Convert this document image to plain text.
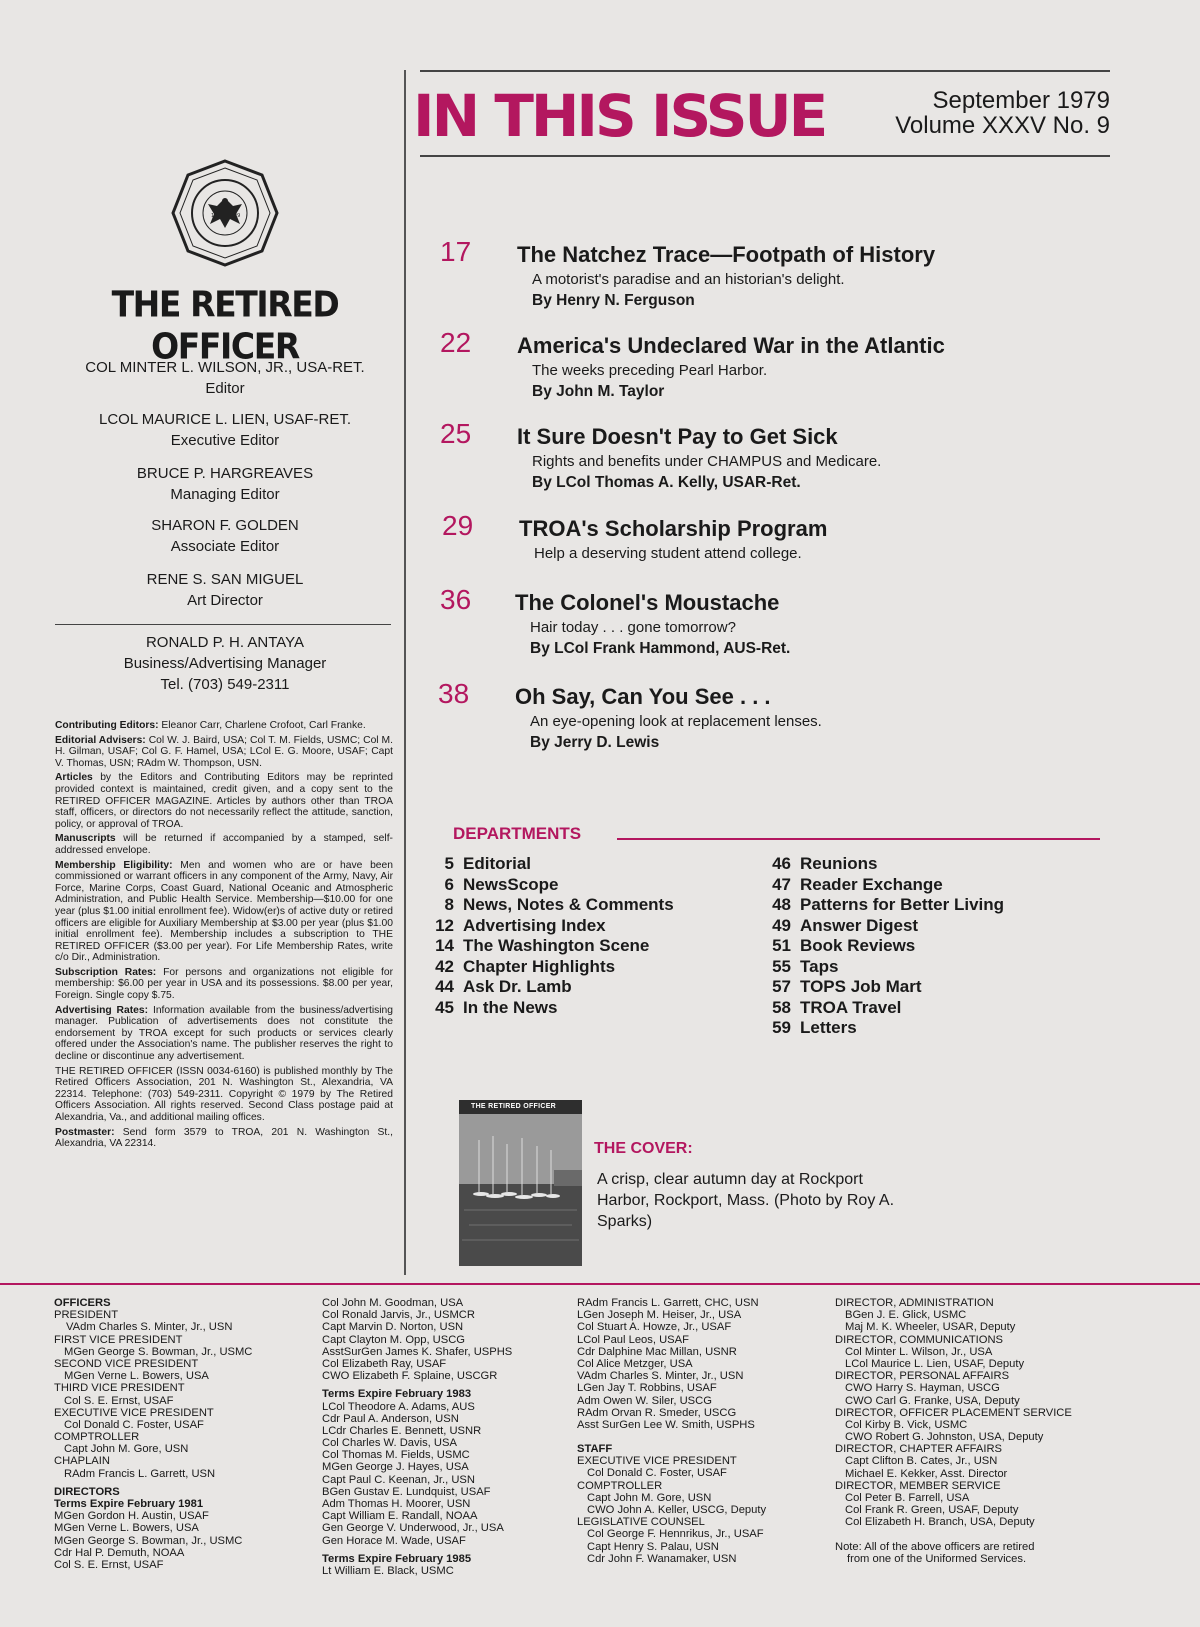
19	29
THE RETIRED OFFICER
COL MINTER L. WILSON, JR., USA-RET.
Editor
LCOL MAURICE L. LIEN, USAF-RET.
Executive Editor
BRUCE P. HARGREAVES
Managing Editor
SHARON F. GOLDEN
Associate Editor
RENE S. SAN MIGUEL
Art Director
RONALD P. H. ANTAYA
Business/Advertising Manager
Tel. (703) 549-2311

Contributing Editors: Eleanor Carr, Charlene Crofoot, Carl Franke.

Editorial Advisers: Col W. J. Baird, USA; Col T. M. Fields, USMC; Col M. H. Gilman, USAF; Col G. F. Hamel, USA; LCol E. G. Moore, USAF; Capt V. Thomas, USN; RAdm W. Thompson, USN.

Articles by the Editors and Contributing Editors may be reprinted provided context is maintained, credit given, and a copy sent to the RETIRED OFFICER MAGAZINE. Articles by authors other than TROA staff, officers, or directors do not necessarily reflect the attitude, sanction, policy, or approval of TROA.

Manuscripts will be returned if accompanied by a stamped, self-addressed envelope.

Membership Eligibility: Men and women who are or have been commissioned or warrant officers in any component of the Army, Navy, Air Force, Marine Corps, Coast Guard, National Oceanic and Atmospheric Administration, and Public Health Service. Membership—$10.00 for one year (plus $1.00 initial enrollment fee). Widow(er)s of active duty or retired officers are eligible for Auxiliary Membership at $3.00 per year (plus $1.00 initial enrollment fee). Membership includes a subscription to THE RETIRED OFFICER ($3.00 per year). For Life Membership Rates, write c/o Dir., Administration.

Subscription Rates: For persons and organizations not eligible for membership: $6.00 per year in USA and its possessions. $8.00 per year, Foreign. Single copy $.75.

Advertising Rates: Information available from the business/advertising manager. Publication of advertisements does not constitute the endorsement by TROA except for such products or services clearly offered under the Association's name. The publisher reserves the right to decline or discontinue any advertisement.

THE RETIRED OFFICER (ISSN 0034-6160) is published monthly by The Retired Officers Association, 201 N. Washington St., Alexandria, VA 22314. Telephone: (703) 549-2311. Copyright © 1979 by The Retired Officers Association. All rights reserved. Second Class postage paid at Alexandria, Va., and additional mailing offices.

Postmaster: Send form 3579 to TROA, 201 N. Washington St., Alexandria, VA 22314.

IN THIS ISSUE	September 1979
Volume XXXV No. 9
17	The Natchez Trace—Footpath of History
A motorist's paradise and an historian's delight.
By Henry N. Ferguson
22	America's Undeclared War in the Atlantic
The weeks preceding Pearl Harbor.
By John M. Taylor
25	It Sure Doesn't Pay to Get Sick
Rights and benefits under CHAMPUS and Medicare.
By LCol Thomas A. Kelly, USAR-Ret.
29	TROA's Scholarship Program
Help a deserving student attend college.
36	The Colonel's Moustache
Hair today . . . gone tomorrow?
By LCol Frank Hammond, AUS-Ret.
38	Oh Say, Can You See . . .
An eye-opening look at replacement lenses.
By Jerry D. Lewis
DEPARTMENTS
5 Editorial
6 NewsScope
8 News, Notes & Comments
12 Advertising Index
14 The Washington Scene
42 Chapter Highlights
44 Ask Dr. Lamb
45 In the News
46 Reunions
47 Reader Exchange
48 Patterns for Better Living
49 Answer Digest
51 Book Reviews
55 Taps
57 TOPS Job Mart
58 TROA Travel
59 Letters
THE RETIRED OFFICER
THE COVER:
A crisp, clear autumn day at Rockport Harbor, Rockport, Mass. (Photo by Roy A. Sparks)
OFFICERS
PRESIDENT
VAdm Charles S. Minter, Jr., USN
FIRST VICE PRESIDENT
MGen George S. Bowman, Jr., USMC
SECOND VICE PRESIDENT
MGen Verne L. Bowers, USA
THIRD VICE PRESIDENT
Col S. E. Ernst, USAF
EXECUTIVE VICE PRESIDENT
Col Donald C. Foster, USAF
COMPTROLLER
Capt John M. Gore, USN
CHAPLAIN
RAdm Francis L. Garrett, USN
DIRECTORS
Terms Expire February 1981
MGen Gordon H. Austin, USAF
MGen Verne L. Bowers, USA
MGen George S. Bowman, Jr., USMC
Cdr Hal P. Demuth, NOAA
Col S. E. Ernst, USAF
Col John M. Goodman, USA
Col Ronald Jarvis, Jr., USMCR
Capt Marvin D. Norton, USN
Capt Clayton M. Opp, USCG
AsstSurGen James K. Shafer, USPHS
Col Elizabeth Ray, USAF
CWO Elizabeth F. Splaine, USCGR
Terms Expire February 1983
LCol Theodore A. Adams, AUS
Cdr Paul A. Anderson, USN
LCdr Charles E. Bennett, USNR
Col Charles W. Davis, USA
Col Thomas M. Fields, USMC
MGen George J. Hayes, USA
Capt Paul C. Keenan, Jr., USN
BGen Gustav E. Lundquist, USAF
Adm Thomas H. Moorer, USN
Capt William E. Randall, NOAA
Gen George V. Underwood, Jr., USA
Gen Horace M. Wade, USAF
Terms Expire February 1985
Lt William E. Black, USMC
RAdm Francis L. Garrett, CHC, USN
LGen Joseph M. Heiser, Jr., USA
Col Stuart A. Howze, Jr., USAF
LCol Paul Leos, USAF
Cdr Dalphine Mac Millan, USNR
Col Alice Metzger, USA
VAdm Charles S. Minter, Jr., USN
LGen Jay T. Robbins, USAF
Adm Owen W. Siler, USCG
RAdm Orvan R. Smeder, USCG
Asst SurGen Lee W. Smith, USPHS
STAFF
EXECUTIVE VICE PRESIDENT
Col Donald C. Foster, USAF
COMPTROLLER
Capt John M. Gore, USN
CWO John A. Keller, USCG, Deputy
LEGISLATIVE COUNSEL
Col George F. Hennrikus, Jr., USAF
Capt Henry S. Palau, USN
Cdr John F. Wanamaker, USN
DIRECTOR, ADMINISTRATION
BGen J. E. Glick, USMC
Maj M. K. Wheeler, USAR, Deputy
DIRECTOR, COMMUNICATIONS
Col Minter L. Wilson, Jr., USA
LCol Maurice L. Lien, USAF, Deputy
DIRECTOR, PERSONAL AFFAIRS
CWO Harry S. Hayman, USCG
CWO Carl G. Franke, USA, Deputy
DIRECTOR, OFFICER PLACEMENT SERVICE
Col Kirby B. Vick, USMC
CWO Robert G. Johnston, USA, Deputy
DIRECTOR, CHAPTER AFFAIRS
Capt Clifton B. Cates, Jr., USN
Michael E. Kekker, Asst. Director
DIRECTOR, MEMBER SERVICE
Col Peter B. Farrell, USA
Col Frank R. Green, USAF, Deputy
Col Elizabeth H. Branch, USA, Deputy
Note: All of the above officers are retired
from one of the Uniformed Services.
